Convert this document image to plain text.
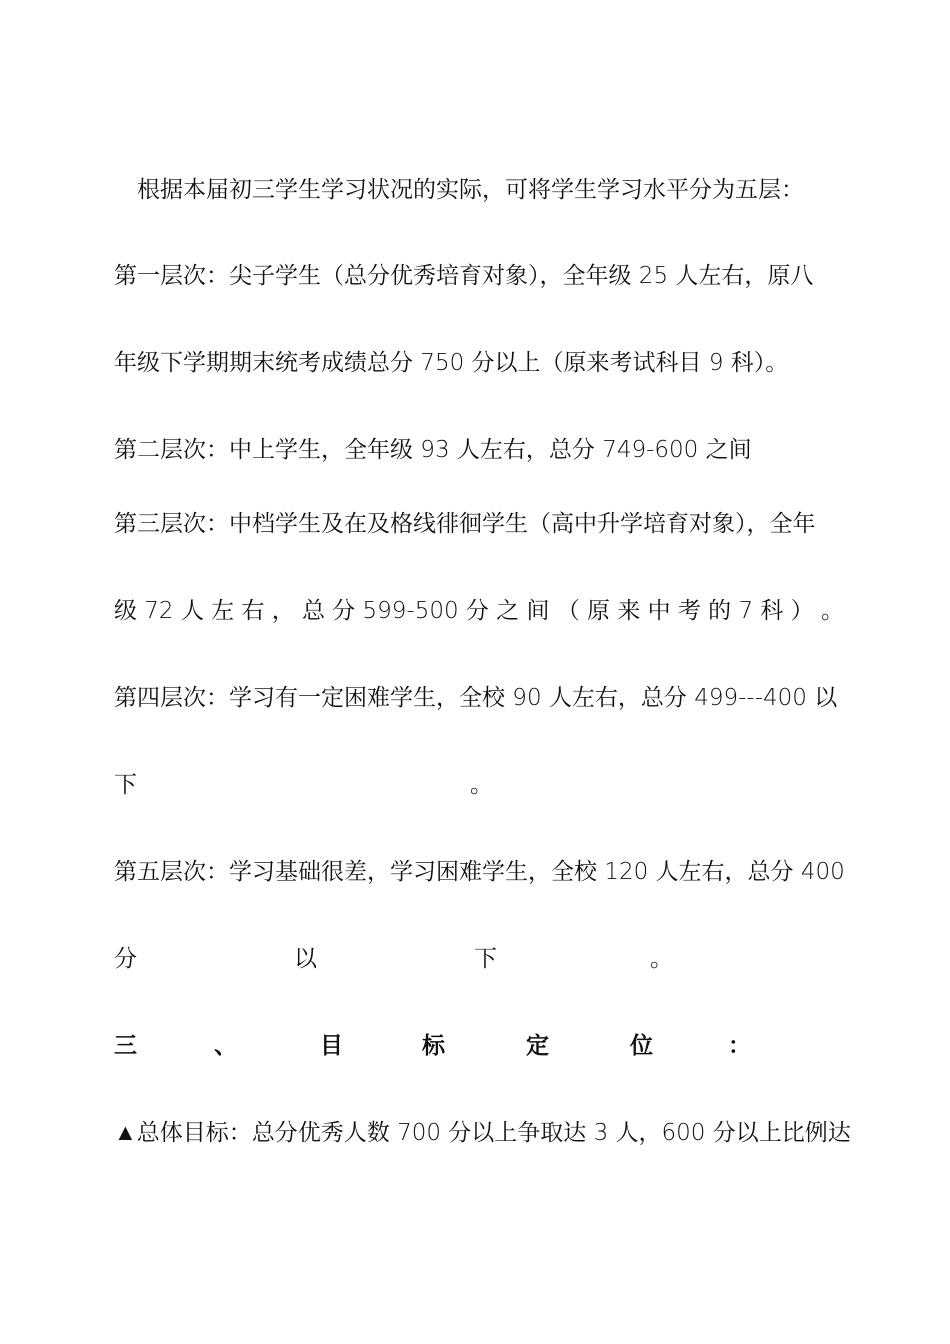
根据本届初三学生学习状况的实际，可将学生学习水平分为五层：
第一层次：尖子学生（总分优秀培育对象），全年级 25 人左右，原八
年级下学期期末统考成绩总分 750 分以上（原来考试科目 9 科）。
第二层次：中上学生，全年级 93 人左右，总分 749-600 之间
第三层次：中档学生及在及格线徘徊学生（高中升学培育对象），全年
级 72 人 左 右 ， 总 分 599-500 分 之 间 （ 原 来 中 考 的 7 科 ） 。
第四层次：学习有一定困难学生，全校 90 人左右，总分 499---400 以
下	。
第五层次：学习基础很差，学习困难学生，全校 120 人左右，总分 400
分	以	下	。
三	、	目	标	定	位	：
▲总体目标：总分优秀人数 700 分以上争取达 3 人，600 分以上比例达
